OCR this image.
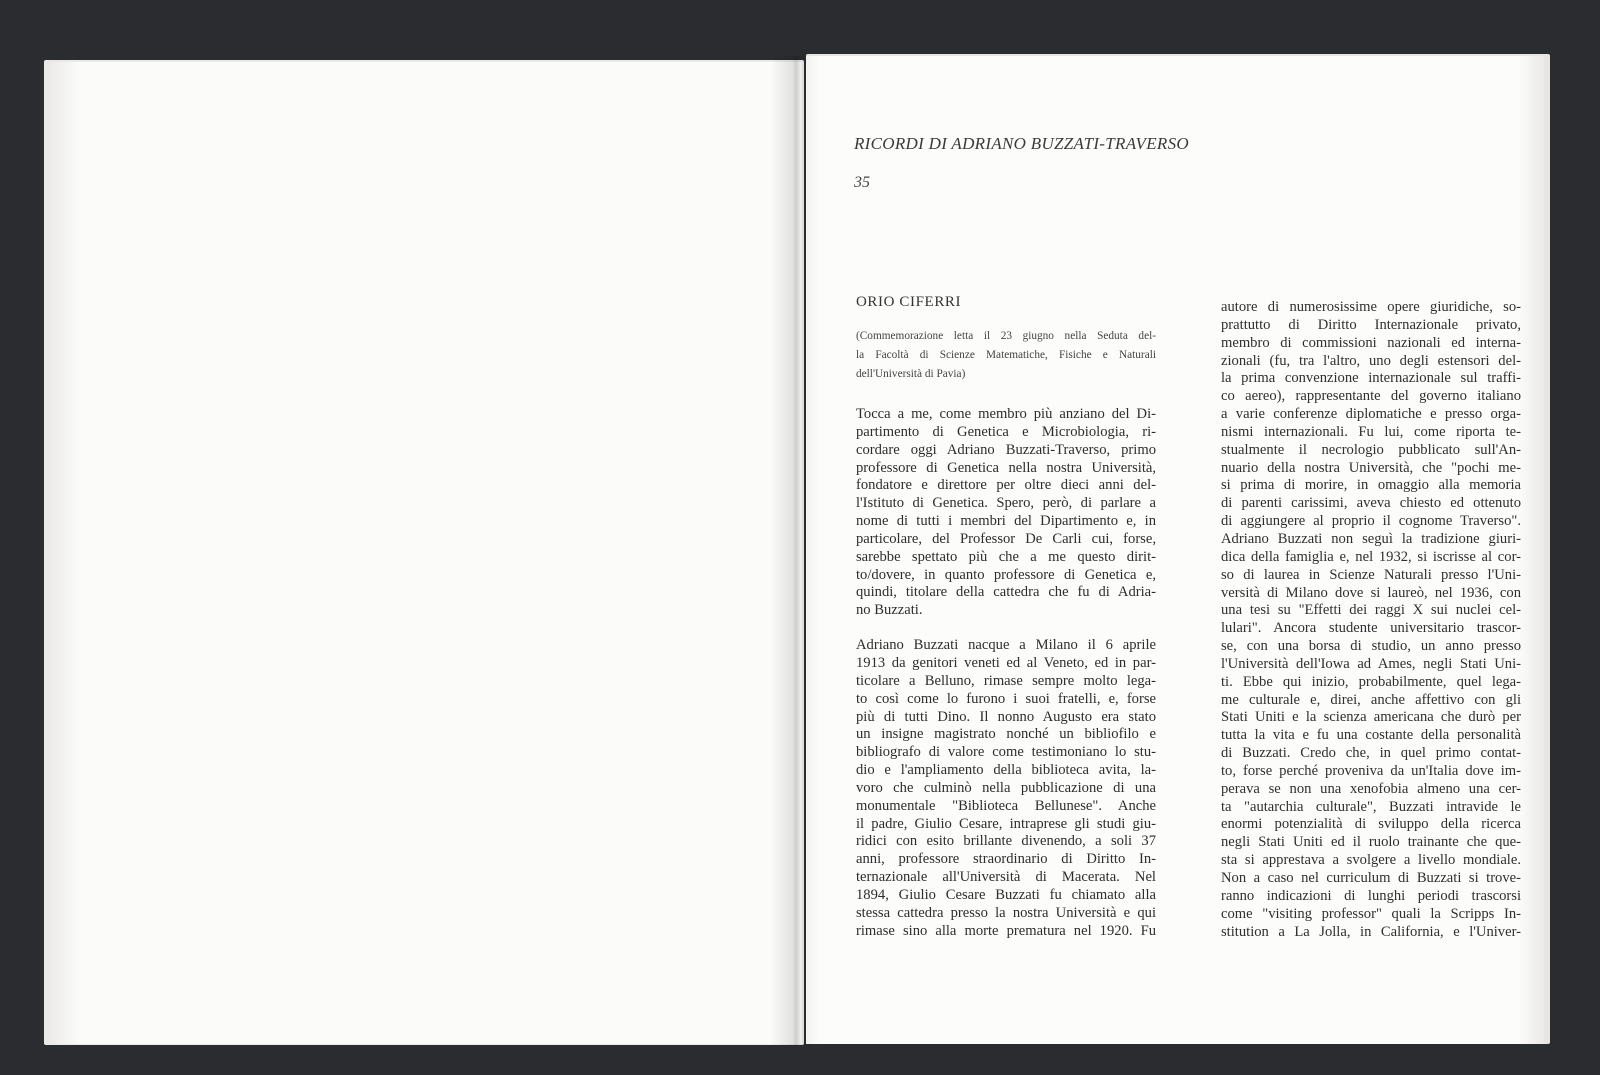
RICORDI DI ADRIANO BUZZATI-TRAVERSO
35
ORIO CIFERRI
(Commemorazione letta il 23 giugno nella Seduta del-
la Facoltà di Scienze Matematiche, Fisiche e Naturali
dell'Università di Pavia)
Tocca a me, come membro più anziano del Di-
partimento di Genetica e Microbiologia, ri-
cordare oggi Adriano Buzzati-Traverso, primo
professore di Genetica nella nostra Università,
fondatore e direttore per oltre dieci anni del-
l'Istituto di Genetica. Spero, però, di parlare a
nome di tutti i membri del Dipartimento e, in
particolare, del Professor De Carli cui, forse,
sarebbe spettato più che a me questo dirit-
to/dovere, in quanto professore di Genetica e,
quindi, titolare della cattedra che fu di Adria-
no Buzzati.
Adriano Buzzati nacque a Milano il 6 aprile
1913 da genitori veneti ed al Veneto, ed in par-
ticolare a Belluno, rimase sempre molto lega-
to così come lo furono i suoi fratelli, e, forse
più di tutti Dino. Il nonno Augusto era stato
un insigne magistrato nonché un bibliofilo e
bibliografo di valore come testimoniano lo stu-
dio e l'ampliamento della biblioteca avita, la-
voro che culminò nella pubblicazione di una
monumentale "Biblioteca Bellunese". Anche
il padre, Giulio Cesare, intraprese gli studi giu-
ridici con esito brillante divenendo, a soli 37
anni, professore straordinario di Diritto In-
ternazionale all'Università di Macerata. Nel
1894, Giulio Cesare Buzzati fu chiamato alla
stessa cattedra presso la nostra Università e qui
rimase sino alla morte prematura nel 1920. Fu
autore di numerosissime opere giuridiche, so-
prattutto di Diritto Internazionale privato,
membro di commissioni nazionali ed interna-
zionali (fu, tra l'altro, uno degli estensori del-
la prima convenzione internazionale sul traffi-
co aereo), rappresentante del governo italiano
a varie conferenze diplomatiche e presso orga-
nismi internazionali. Fu lui, come riporta te-
stualmente il necrologio pubblicato sull'An-
nuario della nostra Università, che "pochi me-
si prima di morire, in omaggio alla memoria
di parenti carissimi, aveva chiesto ed ottenuto
di aggiungere al proprio il cognome Traverso".
Adriano Buzzati non seguì la tradizione giuri-
dica della famiglia e, nel 1932, si iscrisse al cor-
so di laurea in Scienze Naturali presso l'Uni-
versità di Milano dove si laureò, nel 1936, con
una tesi su "Effetti dei raggi X sui nuclei cel-
lulari". Ancora studente universitario trascor-
se, con una borsa di studio, un anno presso
l'Università dell'Iowa ad Ames, negli Stati Uni-
ti. Ebbe qui inizio, probabilmente, quel lega-
me culturale e, direi, anche affettivo con gli
Stati Uniti e la scienza americana che durò per
tutta la vita e fu una costante della personalità
di Buzzati. Credo che, in quel primo contat-
to, forse perché proveniva da un'Italia dove im-
perava se non una xenofobia almeno una cer-
ta "autarchia culturale", Buzzati intravide le
enormi potenzialità di sviluppo della ricerca
negli Stati Uniti ed il ruolo trainante che que-
sta si apprestava a svolgere a livello mondiale.
Non a caso nel curriculum di Buzzati si trove-
ranno indicazioni di lunghi periodi trascorsi
come "visiting professor" quali la Scripps In-
stitution a La Jolla, in California, e l'Univer-
